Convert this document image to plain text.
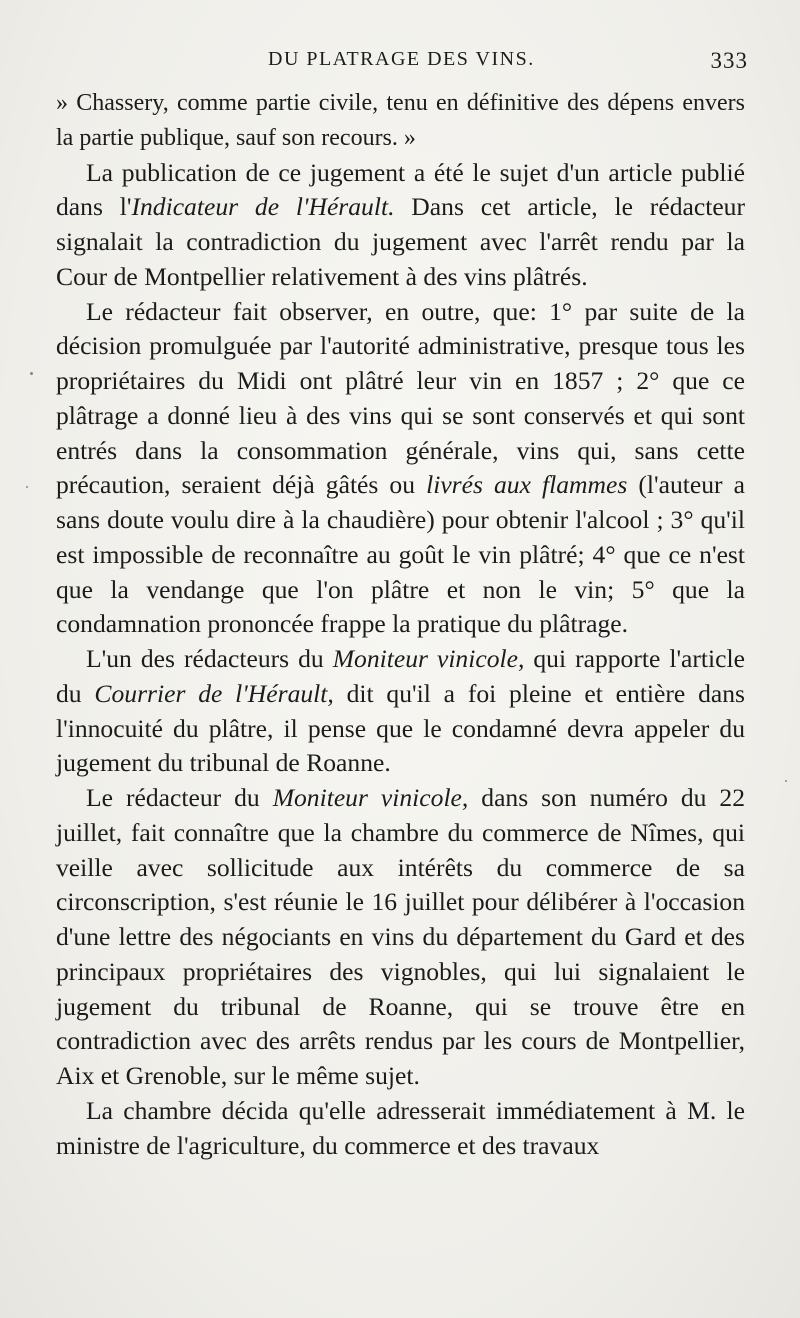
DU PLATRAGE DES VINS.	333

» Chassery, comme partie civile, tenu en définitive des dépens envers la partie publique, sauf son recours. »

La publication de ce jugement a été le sujet d'un article publié dans l'Indicateur de l'Hérault. Dans cet article, le rédacteur signalait la contradiction du jugement avec l'arrêt rendu par la Cour de Montpellier relativement à des vins plâtrés.

Le rédacteur fait observer, en outre, que: 1° par suite de la décision promulguée par l'autorité administrative, presque tous les propriétaires du Midi ont plâtré leur vin en 1857 ; 2° que ce plâtrage a donné lieu à des vins qui se sont conservés et qui sont entrés dans la consommation générale, vins qui, sans cette précaution, seraient déjà gâtés ou livrés aux flammes (l'auteur a sans doute voulu dire à la chaudière) pour obtenir l'alcool ; 3° qu'il est impossible de reconnaître au goût le vin plâtré; 4° que ce n'est que la vendange que l'on plâtre et non le vin; 5° que la condamnation prononcée frappe la pratique du plâtrage.

L'un des rédacteurs du Moniteur vinicole, qui rapporte l'article du Courrier de l'Hérault, dit qu'il a foi pleine et entière dans l'innocuité du plâtre, il pense que le condamné devra appeler du jugement du tribunal de Roanne.

Le rédacteur du Moniteur vinicole, dans son numéro du 22 juillet, fait connaître que la chambre du commerce de Nîmes, qui veille avec sollicitude aux intérêts du commerce de sa circonscription, s'est réunie le 16 juillet pour délibérer à l'occasion d'une lettre des négociants en vins du département du Gard et des principaux propriétaires des vignobles, qui lui signalaient le jugement du tribunal de Roanne, qui se trouve être en contradiction avec des arrêts rendus par les cours de Montpellier, Aix et Grenoble, sur le même sujet.

La chambre décida qu'elle adresserait immédiatement à M. le ministre de l'agriculture, du commerce et des travaux
